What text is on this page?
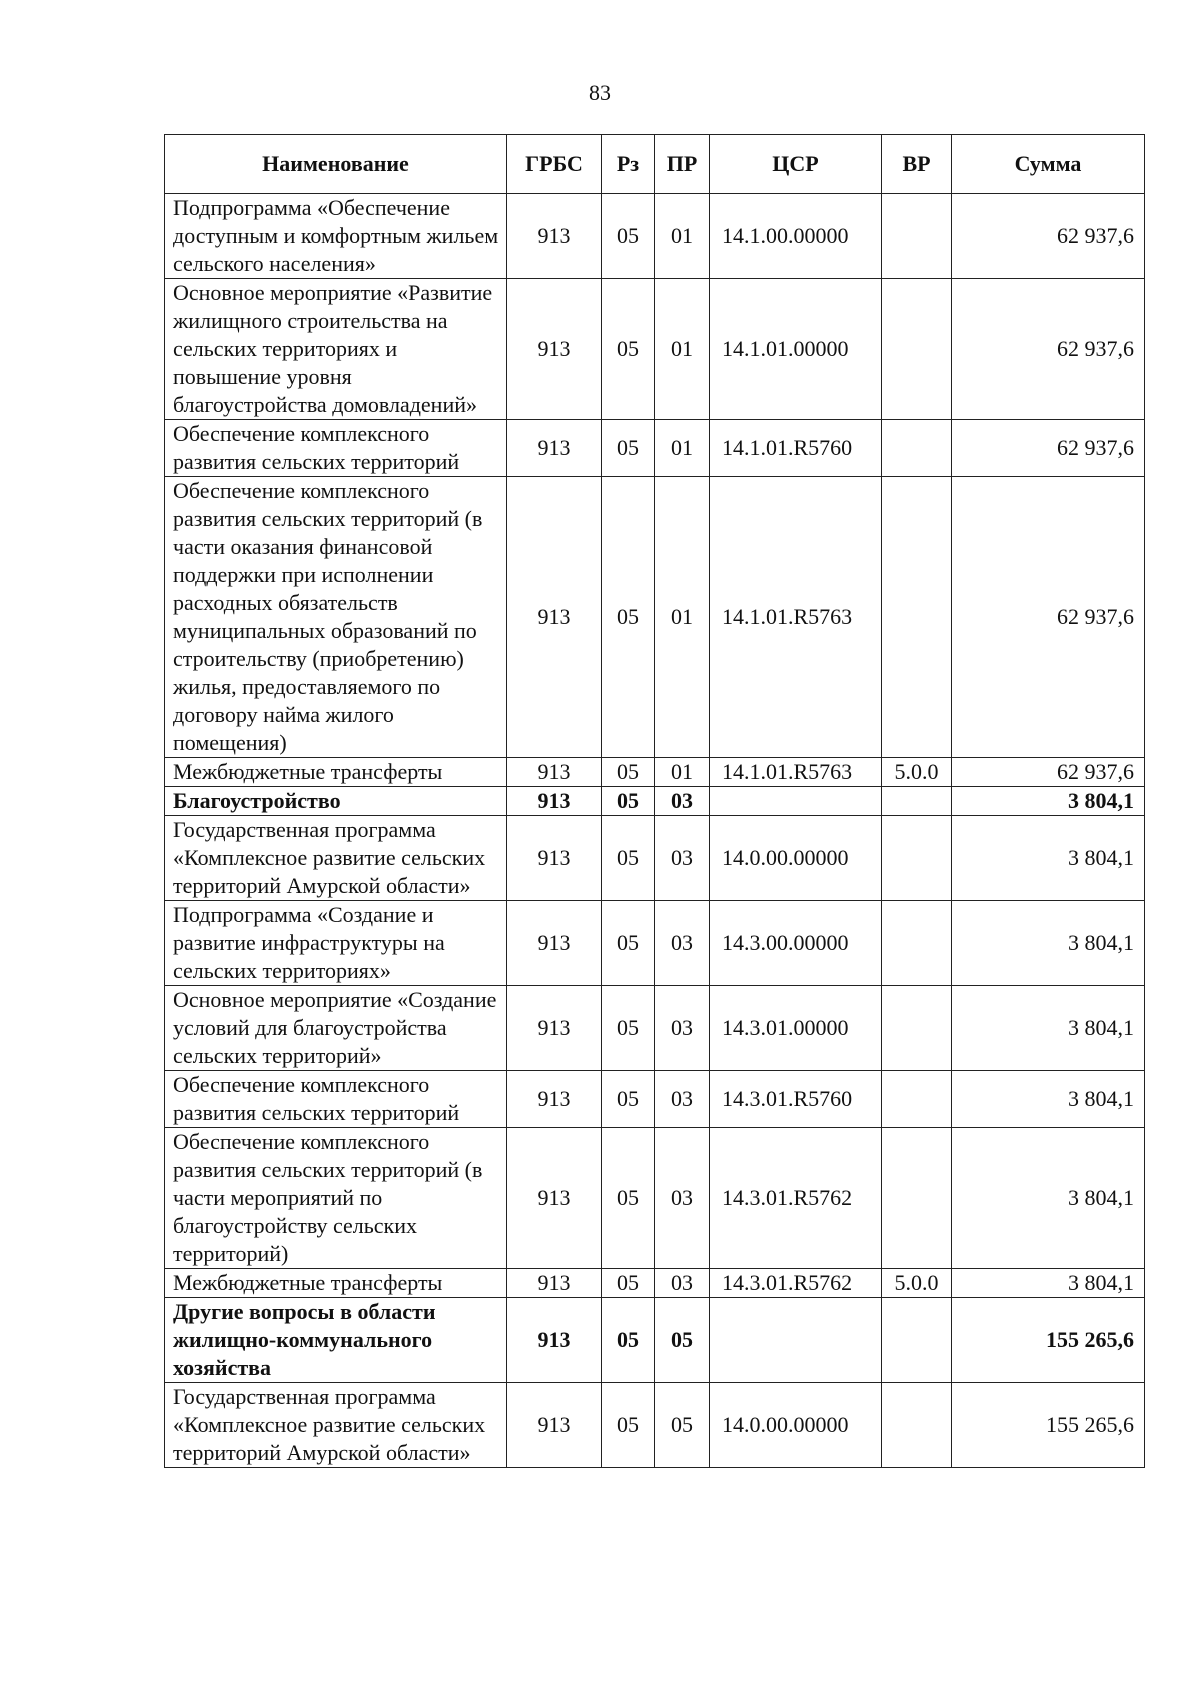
83
Наименование	ГРБС	Рз	ПР	ЦСР	ВР	Сумма
Подпрограмма «Обеспечение доступным и комфортным жильем сельского населения»	913	05	01	14.1.00.00000		62 937,6
Основное мероприятие «Развитие жилищного строительства на сельских территориях и повышение уровня благоустройства домовладений»	913	05	01	14.1.01.00000		62 937,6
Обеспечение комплексного развития сельских территорий	913	05	01	14.1.01.R5760		62 937,6
Обеспечение комплексного развития сельских территорий (в части оказания финансовой поддержки при исполнении расходных обязательств муниципальных образований по строительству (приобретению) жилья, предоставляемого по договору найма жилого помещения)	913	05	01	14.1.01.R5763		62 937,6
Межбюджетные трансферты	913	05	01	14.1.01.R5763	5.0.0	62 937,6
Благоустройство	913	05	03			3 804,1
Государственная программа «Комплексное развитие сельских территорий Амурской области»	913	05	03	14.0.00.00000		3 804,1
Подпрограмма «Создание и развитие инфраструктуры на сельских территориях»	913	05	03	14.3.00.00000		3 804,1
Основное мероприятие «Создание условий для благоустройства сельских территорий»	913	05	03	14.3.01.00000		3 804,1
Обеспечение комплексного развития сельских территорий	913	05	03	14.3.01.R5760		3 804,1
Обеспечение комплексного развития сельских территорий (в части мероприятий по благоустройству сельских территорий)	913	05	03	14.3.01.R5762		3 804,1
Межбюджетные трансферты	913	05	03	14.3.01.R5762	5.0.0	3 804,1
Другие вопросы в области жилищно-коммунального хозяйства	913	05	05			155 265,6
Государственная программа «Комплексное развитие сельских территорий Амурской области»	913	05	05	14.0.00.00000		155 265,6
